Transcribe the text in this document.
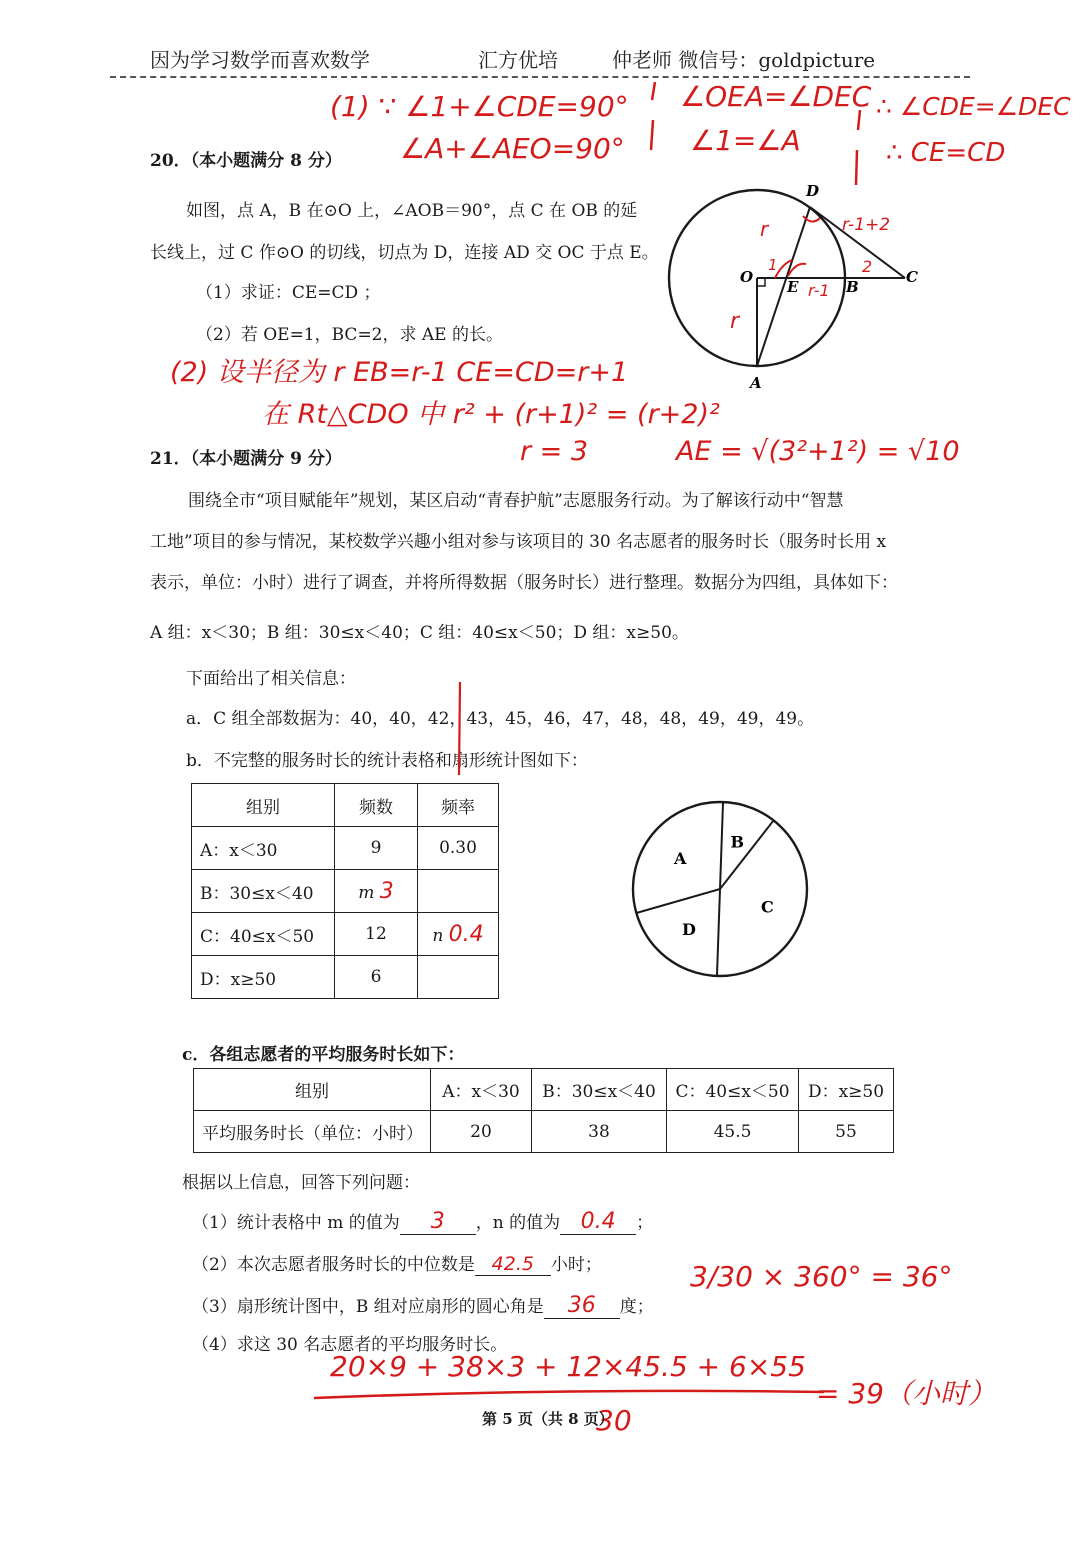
因为学习数学而喜欢数学	汇方优培	仲老师 微信号：goldpicture
(1) ∵ ∠1+∠CDE=90°
∠A+∠AEO=90°
∠OEA=∠DEC
∠1=∠A
∴ ∠CDE=∠DEC
∴ CE=CD
20．（本小题满分 8 分）
如图，点 A，B 在⊙O 上，∠AOB＝90°，点 C 在 OB 的延
长线上，过 C 作⊙O 的切线，切点为 D，连接 AD 交 OC 于点 E。
（1）求证：CE=CD ；
（2）若 OE=1，BC=2，求 AE 的长。
D
O
E	B
C
A
r
r
r-1+2
2
r-1
1
(2) 设半径为 r EB=r-1 CE=CD=r+1
在 Rt△CDO 中 r² + (r+1)² = (r+2)²
r = 3	AE = √(3²+1²) = √10
21．（本小题满分 9 分）
围绕全市“项目赋能年”规划，某区启动“青春护航”志愿服务行动。为了解该行动中“智慧
工地”项目的参与情况，某校数学兴趣小组对参与该项目的 30 名志愿者的服务时长（服务时长用 x
表示，单位：小时）进行了调查，并将所得数据（服务时长）进行整理。数据分为四组，具体如下：
A 组：x＜30；B 组：30≤x＜40；C 组：40≤x＜50；D 组：x≥50。
下面给出了相关信息：
a．C 组全部数据为：40，40，42，43，45，46，47，48，48，49，49，49。
b．不完整的服务时长的统计表格和扇形统计图如下：
组别	频数	频率
A：x＜30	9	0.30
B：30≤x＜40	m 3	
C：40≤x＜50	12	n 0.4
D：x≥50	6	
B
C
D
A
c．各组志愿者的平均服务时长如下：
组别	A：x＜30	B：30≤x＜40	C：40≤x＜50	D：x≥50
平均服务时长（单位：小时）	20	38	45.5	55
根据以上信息，回答下列问题：
（1）统计表格中 m 的值为 3 ，n 的值为 0.4 ；
（2）本次志愿者服务时长的中位数是 42.5 小时；
（3）扇形统计图中，B 组对应扇形的圆心角是 36 度；
3/30 × 360° = 36°
（4）求这 30 名志愿者的平均服务时长。
20×9 + 38×3 + 12×45.5 + 6×55
30
= 39（小时）
第 5 页（共 8 页）
